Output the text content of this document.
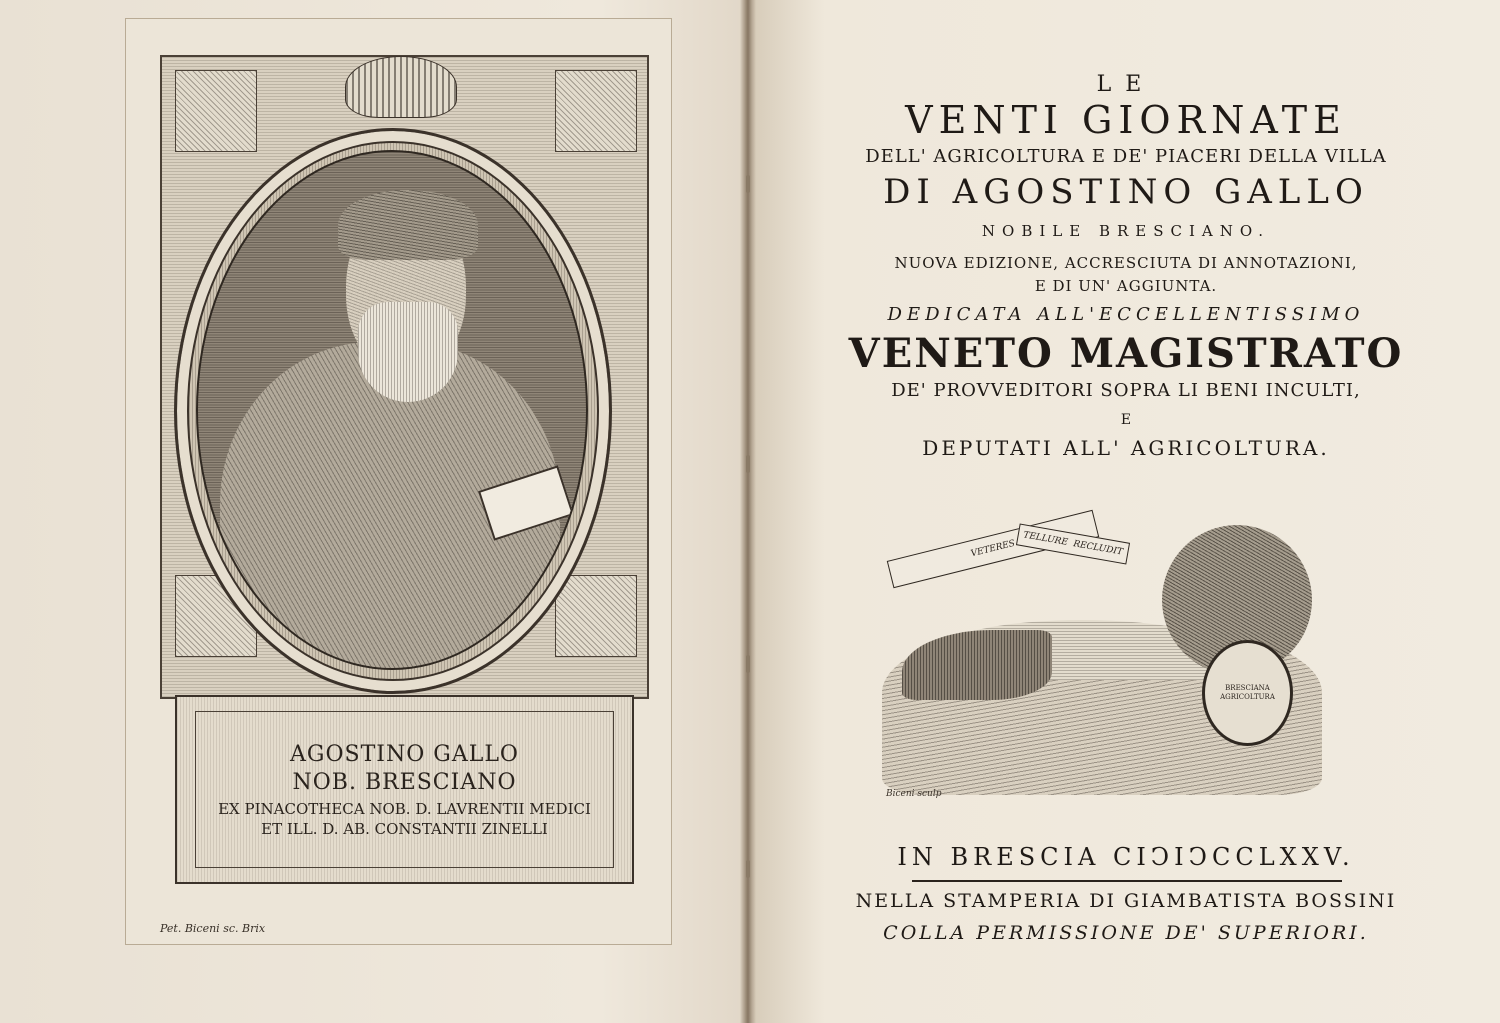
AGOSTINO GALLO
NOB. BRESCIANO
EX PINACOTHECA NOB. D. LAVRENTII MEDICI
ET ILL. D. AB. CONSTANTII ZINELLI
Pet. Biceni sc. Brix
LE
VENTI GIORNATE
DELL' AGRICOLTURA E DE' PIACERI DELLA VILLA
DI AGOSTINO GALLO
NOBILE BRESCIANO.
NUOVA EDIZIONE, ACCRESCIUTA DI ANNOTAZIONI,
E DI UN' AGGIUNTA.
DEDICATA ALL'ECCELLENTISSIMO
VENETO MAGISTRATO
DE' PROVVEDITORI SOPRA LI BENI INCULTI,
E
DEPUTATI ALL' AGRICOLTURA.
BRESCIANA AGRICOLTURA
VETERES TELLURE
RECLUDIT
Biceni sculp
IN BRESCIA CIↃIↃCCLXXV.
NELLA STAMPERIA DI GIAMBATISTA BOSSINI
COLLA PERMISSIONE DE' SUPERIORI.
